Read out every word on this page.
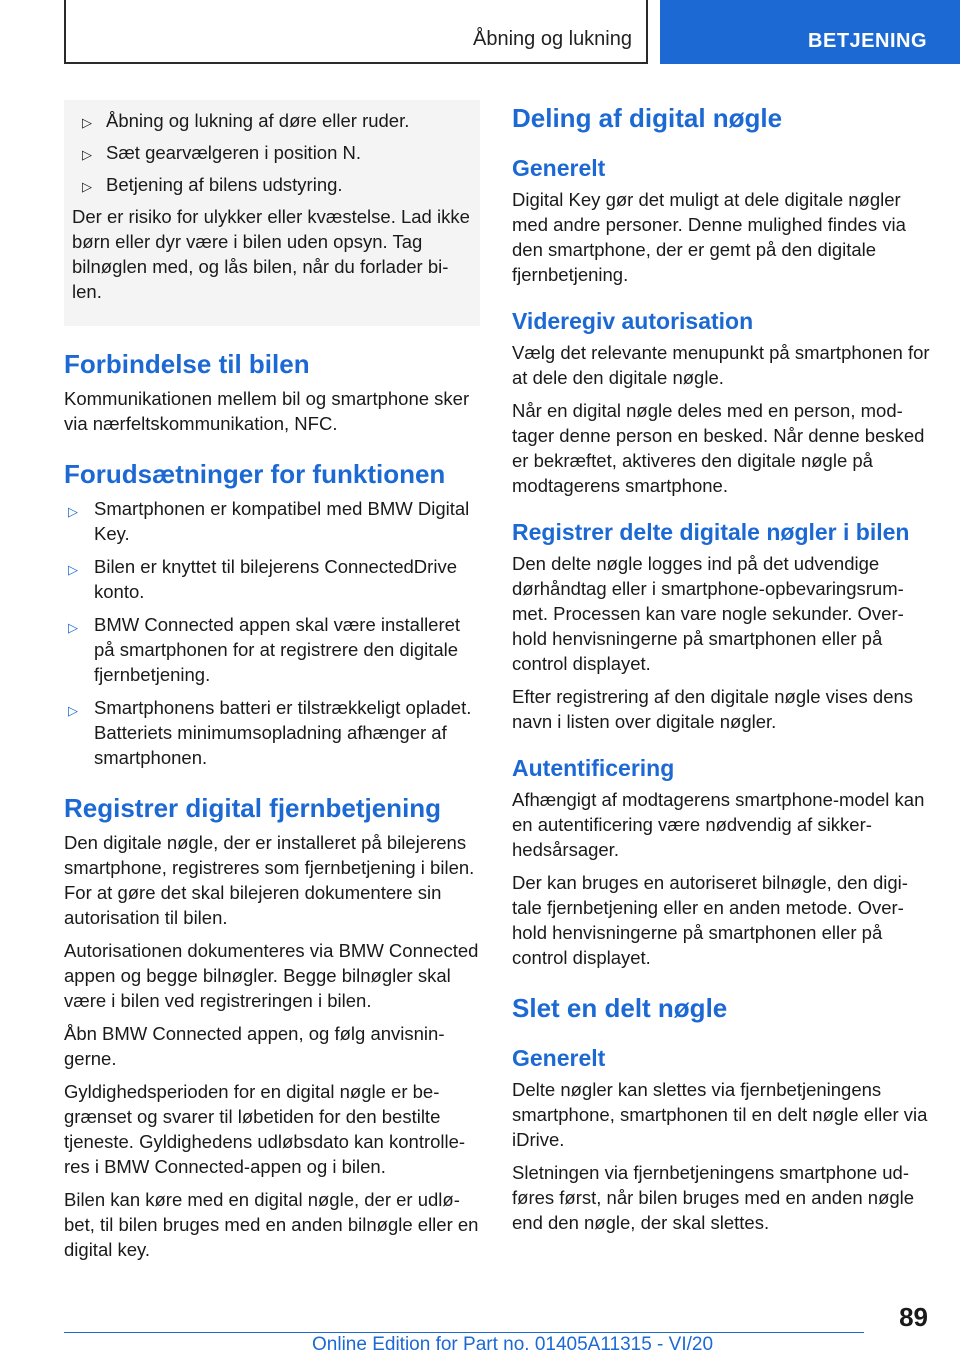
Åbning og lukning	BETJENING
▷ Åbning og lukning af døre eller ruder.
▷ Sæt gearvælgeren i position N.
▷ Betjening af bilens udstyring.
Der er risiko for ulykker eller kvæstelse. Lad ikke børn eller dyr være i bilen uden opsyn. Tag bilnøglen med, og lås bilen, når du forlader bilen.
Forbindelse til bilen

Kommunikationen mellem bil og smartphone sker via nærfeltskommunikation, NFC.

Forudsætninger for funktionen
▷ Smartphonen er kompatibel med BMW Digital Key.
▷ Bilen er knyttet til bilejerens ConnectedDrive konto.
▷ BMW Connected appen skal være installeret på smartphonen for at registrere den digitale fjernbetjening.
▷ Smartphonens batteri er tilstrækkeligt opladet. Batteriets minimumsopladning afhænger af smartphonen.
Registrer digital fjernbetjening

Den digitale nøgle, der er installeret på bilejerens smartphone, registreres som fjernbetjening i bilen. For at gøre det skal bilejeren dokumentere sin autorisation til bilen.

Autorisationen dokumenteres via BMW Connected appen og begge bilnøgler. Begge bilnøgler skal være i bilen ved registreringen i bilen.

Åbn BMW Connected appen, og følg anvisningerne.

Gyldighedsperioden for en digital nøgle er begrænset og svarer til løbetiden for den bestilte tjeneste. Gyldighedens udløbsdato kan kontrolleres i BMW Connected-appen og i bilen.

Bilen kan køre med en digital nøgle, der er udløbet, til bilen bruges med en anden bilnøgle eller en digital key.

Deling af digital nøgle
Generelt

Digital Key gør det muligt at dele digitale nøgler med andre personer. Denne mulighed findes via den smartphone, der er gemt på den digitale fjernbetjening.

Videregiv autorisation

Vælg det relevante menupunkt på smartphonen for at dele den digitale nøgle.

Når en digital nøgle deles med en person, modtager denne person en besked. Når denne besked er bekræftet, aktiveres den digitale nøgle på modtagerens smartphone.

Registrer delte digitale nøgler i bilen

Den delte nøgle logges ind på det udvendige dørhåndtag eller i smartphone-opbevaringsrummet. Processen kan vare nogle sekunder. Overhold henvisningerne på smartphonen eller på control displayet.

Efter registrering af den digitale nøgle vises dens navn i listen over digitale nøgler.

Autentificering

Afhængigt af modtagerens smartphone-model kan en autentificering være nødvendig af sikkerhedsårsager.

Der kan bruges en autoriseret bilnøgle, den digitale fjernbetjening eller en anden metode. Overhold henvisningerne på smartphonen eller på control displayet.

Slet en delt nøgle
Generelt

Delte nøgler kan slettes via fjernbetjeningens smartphone, smartphonen til en delt nøgle eller via iDrive.

Sletningen via fjernbetjeningens smartphone udføres først, når bilen bruges med en anden nøgle end den nøgle, der skal slettes.

89
Online Edition for Part no. 01405A11315 - VI/20
